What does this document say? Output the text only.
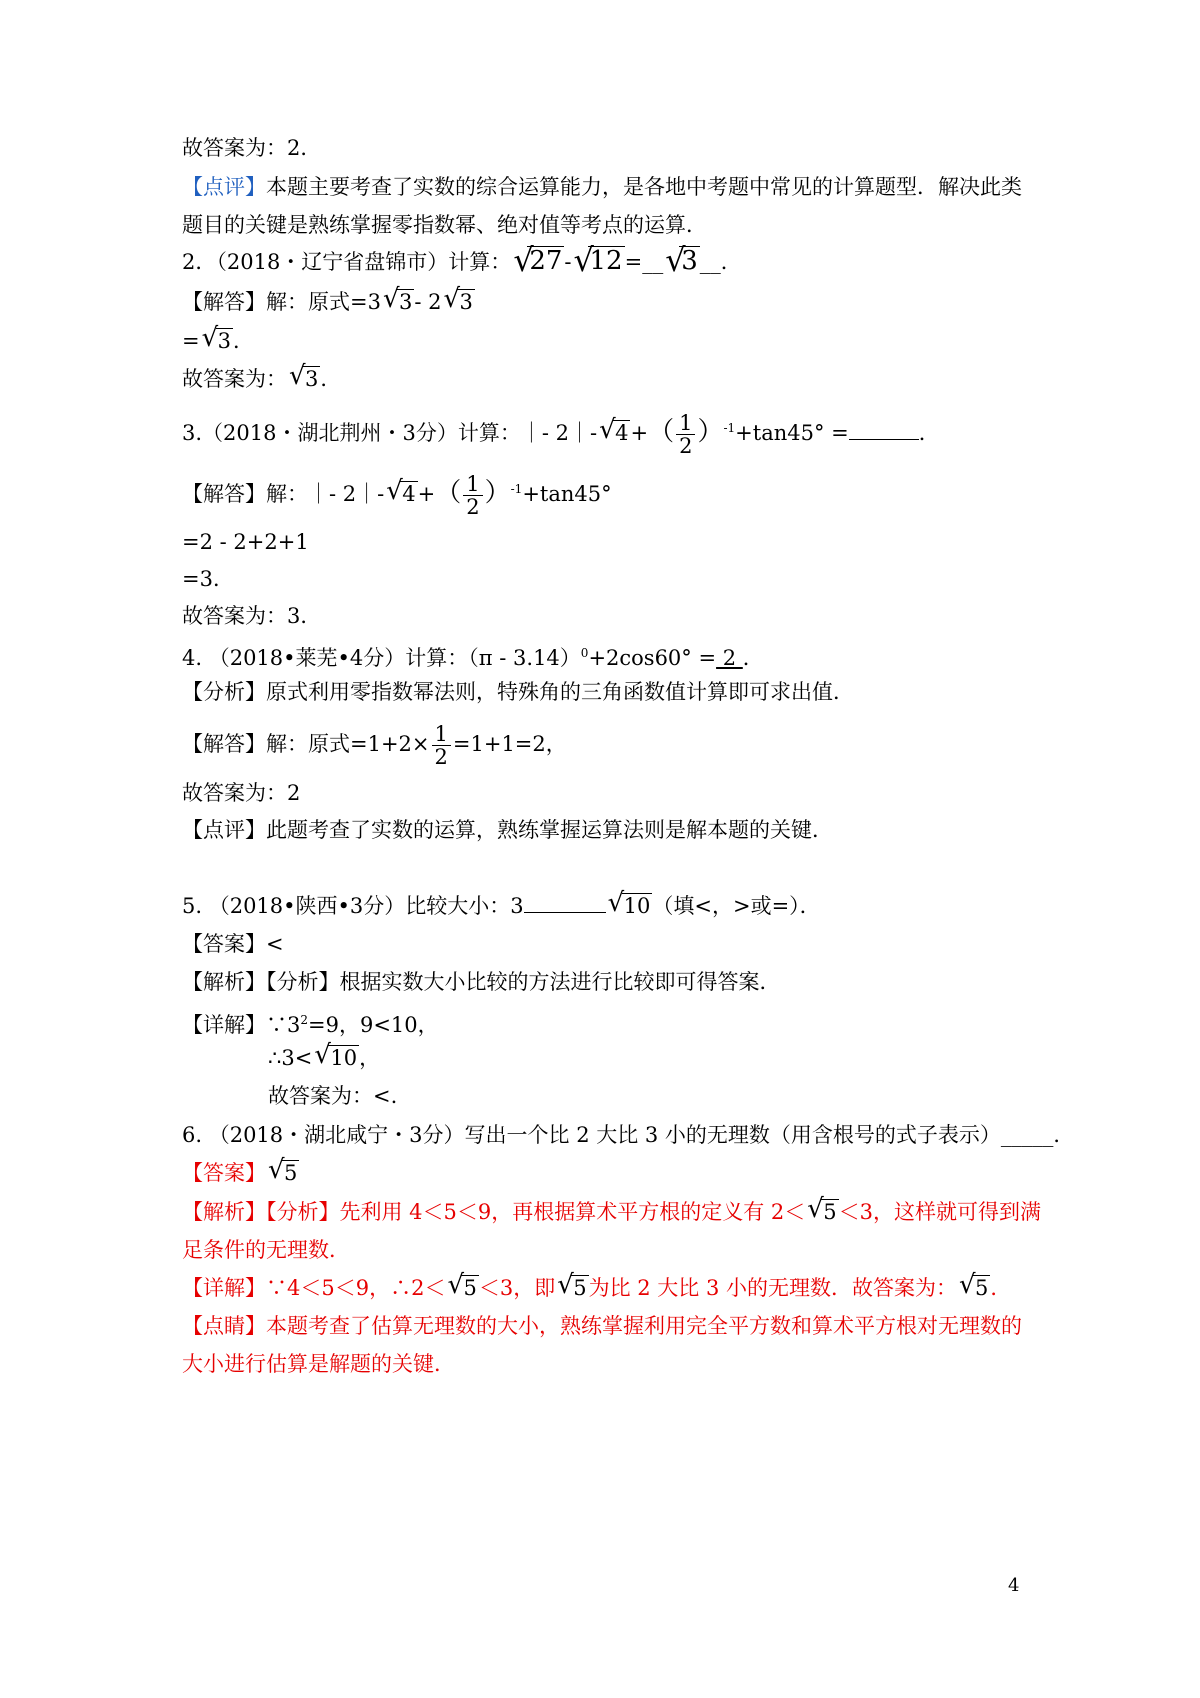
故答案为：2．
【点评】本题主要考查了实数的综合运算能力，是各地中考题中常见的计算题型．解决此类
题目的关键是熟练掌握零指数幂、绝对值等考点的运算．
2．（2018・辽宁省盘锦市）计算： √
27- √
12=__ √
3__．
【解答】解：原式=3 √ 3- 2 √ 3
= √ 3．
故答案为： √ 3．
3.（2018・湖北荆州・3分）计算：｜- 2｜- √ $4+( \frac{1}{2} )^{-1}+\tan 45^\circ$ =	．
【解答】解：｜- 2｜- √ $4+( \frac{1}{2} )^{-1}+\tan 45^\circ$
=2 - 2+2+1
=3．
故答案为：3．
4. （2018•莱芜•4分）计算：（π - 3.14）$^0$+2cos60° = 2 ．
【分析】原式利用零指数幂法则，特殊角的三角函数值计算即可求出值．
【解答】解：原式$=1+2\times \frac{1}{2} =1+1=2$，
故答案为：2
【点评】此题考查了实数的运算，熟练掌握运算法则是解本题的关键．
5. （2018•陕西•3分）比较大小：3	√ 10（填<，>或=）．
【答案】<
【解析】【分析】根据实数大小比较的方法进行比较即可得答案．
【详解】$\because 3^2=9$，9<10，
∴3< √ 10，
故答案为：<.
6. （2018・湖北咸宁・3分）写出一个比 2 大比 3 小的无理数（用含根号的式子表示）_____．
【答案】 √ 5
【解析】【分析】先利用 4＜5＜9，再根据算术平方根的定义有 2＜ √ 5＜3，这样就可得到满
足条件的无理数．
【详解】∵4＜5＜9，∴2＜ √ 5＜3，即 √ 5为比 2 大比 3 小的无理数．故答案为： √ 5．
【点睛】本题考查了估算无理数的大小，熟练掌握利用完全平方数和算术平方根对无理数的
大小进行估算是解题的关键．
4
